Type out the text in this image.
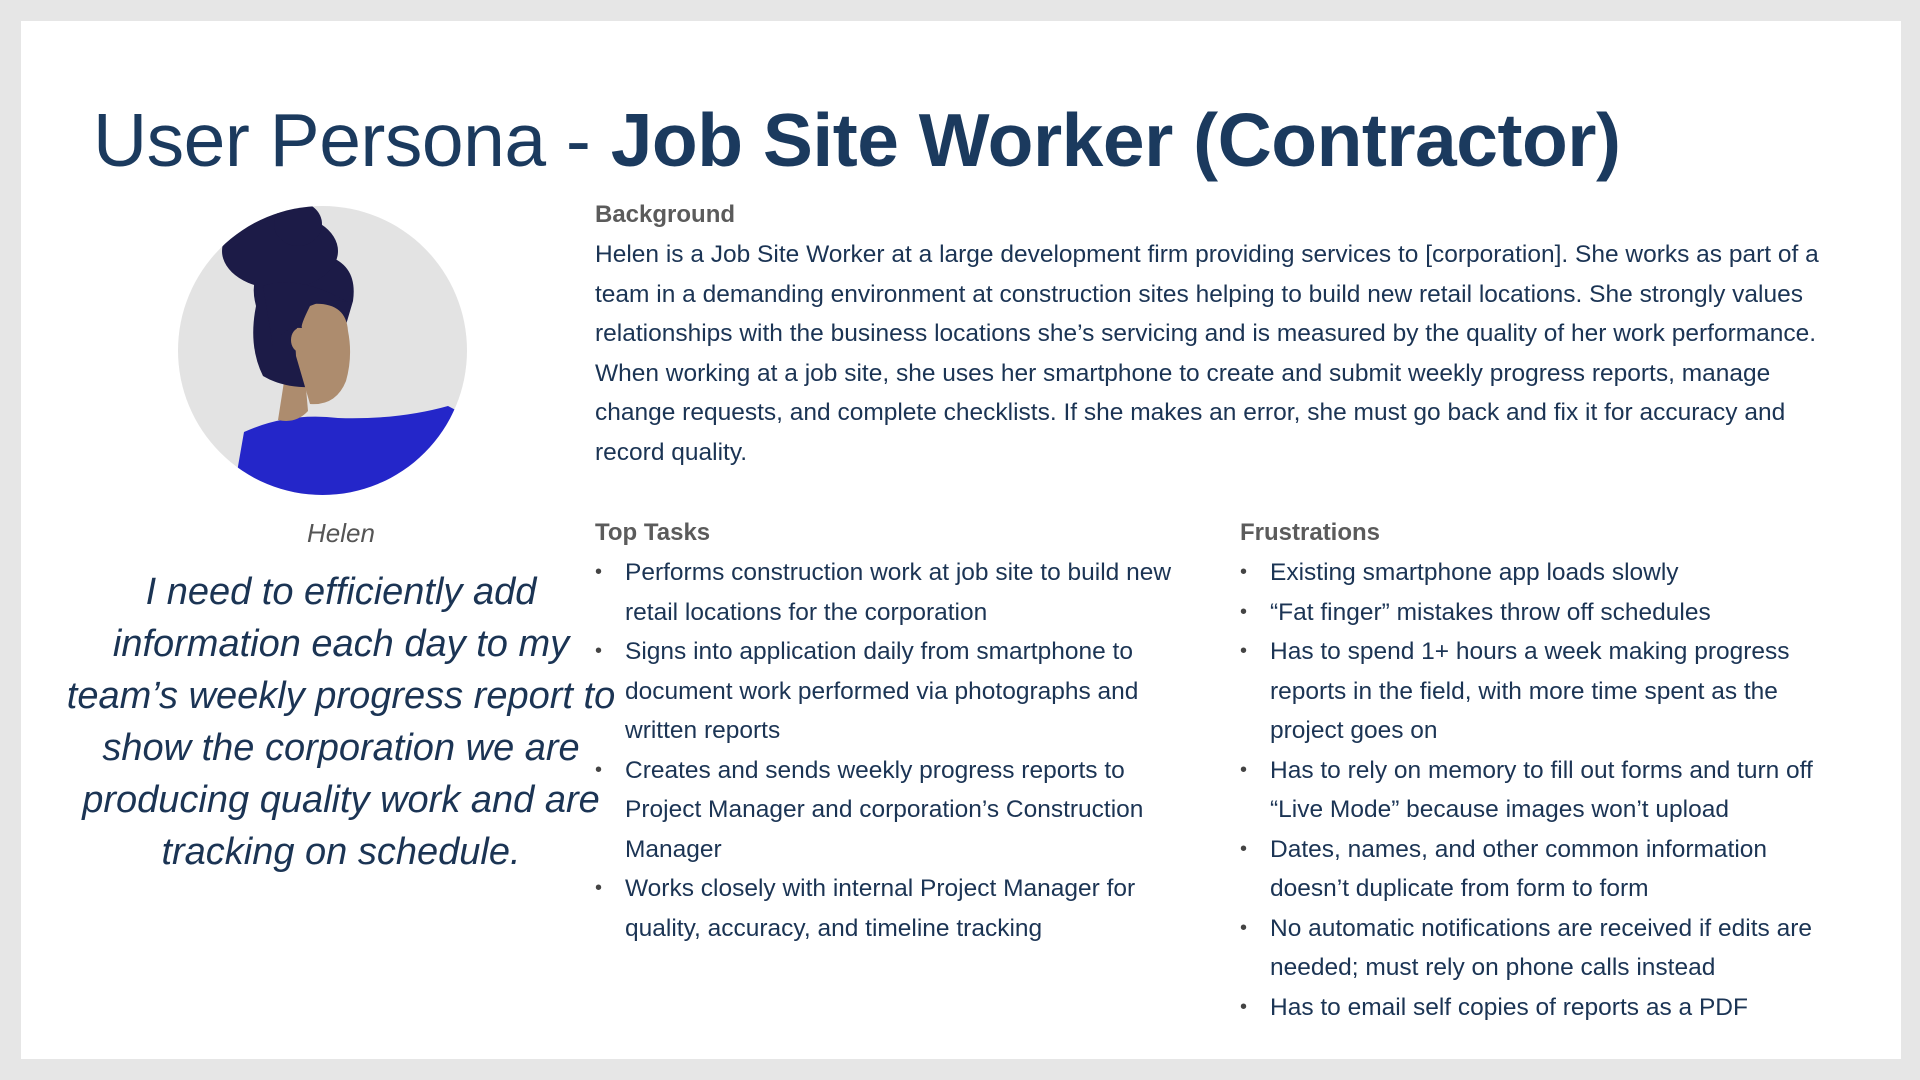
User Persona - Job Site Worker (Contractor)
Helen
I need to efficiently add information each day to my team’s weekly progress report to show the corporation we are producing quality work and are tracking on schedule.
Background
Helen is a Job Site Worker at a large development firm providing services to [corporation]. She works as part of a team in a demanding environment at construction sites helping to build new retail locations. She strongly values relationships with the business locations she’s servicing and is measured by the quality of her work performance. When working at a job site, she uses her smartphone to create and submit weekly progress reports, manage change requests, and complete checklists. If she makes an error, she must go back and fix it for accuracy and record quality.
Top Tasks
• Performs construction work at job site to build new retail locations for the corporation
• Signs into application daily from smartphone to document work performed via photographs and written reports
• Creates and sends weekly progress reports to Project Manager and corporation’s Construction Manager
• Works closely with internal Project Manager for quality, accuracy, and timeline tracking
Frustrations
• Existing smartphone app loads slowly
• “Fat finger” mistakes throw off schedules
• Has to spend 1+ hours a week making progress reports in the field, with more time spent as the project goes on
• Has to rely on memory to fill out forms and turn off “Live Mode” because images won’t upload
• Dates, names, and other common information doesn’t duplicate from form to form
• No automatic notifications are received if edits are needed; must rely on phone calls instead
• Has to email self copies of reports as a PDF
